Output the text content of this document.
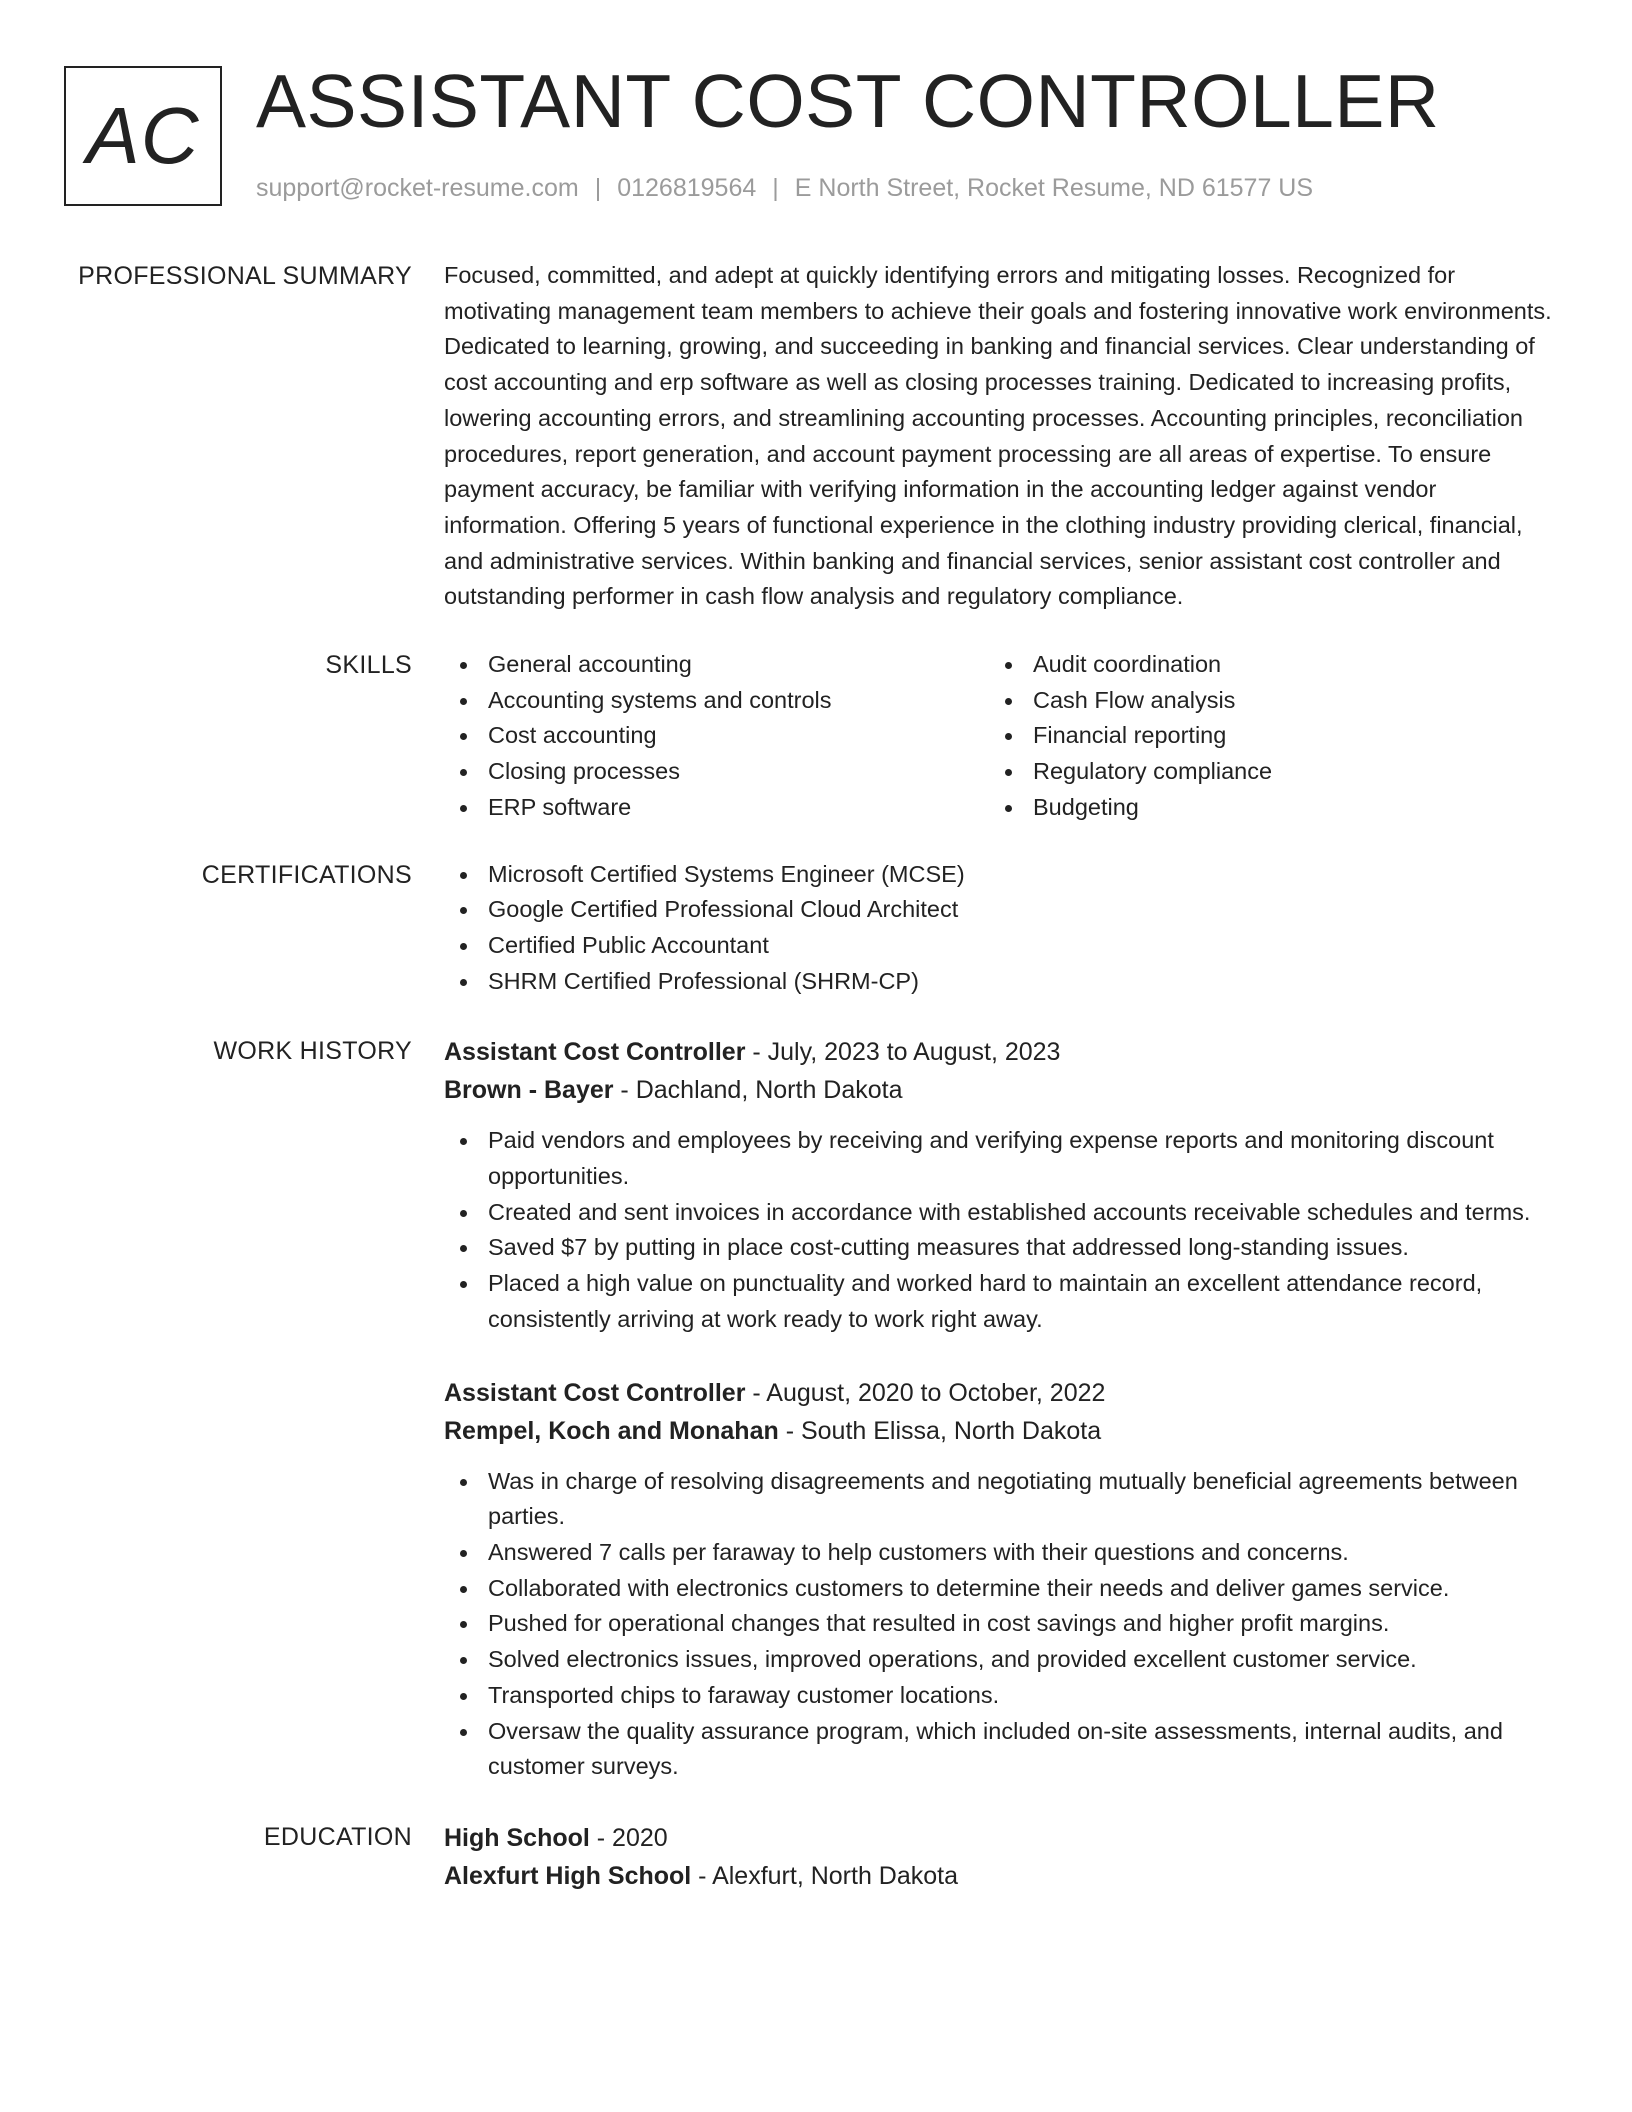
AC ASSISTANT COST CONTROLLER
support@rocket-resume.com | 0126819564 | E North Street, Rocket Resume, ND 61577 US
PROFESSIONAL SUMMARY Focused, committed, and adept at quickly identifying errors and mitigating losses. Recognized for motivating management team members to achieve their goals and fostering innovative work environments. Dedicated to learning, growing, and succeeding in banking and financial services. Clear understanding of cost accounting and erp software as well as closing processes training. Dedicated to increasing profits, lowering accounting errors, and streamlining accounting processes. Accounting principles, reconciliation procedures, report generation, and account payment processing are all areas of expertise. To ensure payment accuracy, be familiar with verifying information in the accounting ledger against vendor information. Offering 5 years of functional experience in the clothing industry providing clerical, financial, and administrative services. Within banking and financial services, senior assistant cost controller and outstanding performer in cash flow analysis and regulatory compliance.

SKILLS	General accounting
Accounting systems and controls
Cost accounting
Closing processes
ERP software
Audit coordination
Cash Flow analysis
Financial reporting
Regulatory compliance
Budgeting
CERTIFICATIONS	Microsoft Certified Systems Engineer (MCSE)
Google Certified Professional Cloud Architect
Certified Public Accountant
SHRM Certified Professional (SHRM-CP)
WORK HISTORY Assistant Cost Controller - July, 2023 to August, 2023
Brown - Bayer - Dachland, North Dakota
Paid vendors and employees by receiving and verifying expense reports and monitoring discount opportunities.
Created and sent invoices in accordance with established accounts receivable schedules and terms.
Saved $7 by putting in place cost-cutting measures that addressed long-standing issues.
Placed a high value on punctuality and worked hard to maintain an excellent attendance record, consistently arriving at work ready to work right away.
Assistant Cost Controller - August, 2020 to October, 2022
Rempel, Koch and Monahan - South Elissa, North Dakota
Was in charge of resolving disagreements and negotiating mutually beneficial agreements between parties.
Answered 7 calls per faraway to help customers with their questions and concerns.
Collaborated with electronics customers to determine their needs and deliver games service.
Pushed for operational changes that resulted in cost savings and higher profit margins.
Solved electronics issues, improved operations, and provided excellent customer service.
Transported chips to faraway customer locations.
Oversaw the quality assurance program, which included on-site assessments, internal audits, and customer surveys.
EDUCATION High School - 2020
Alexfurt High School - Alexfurt, North Dakota
